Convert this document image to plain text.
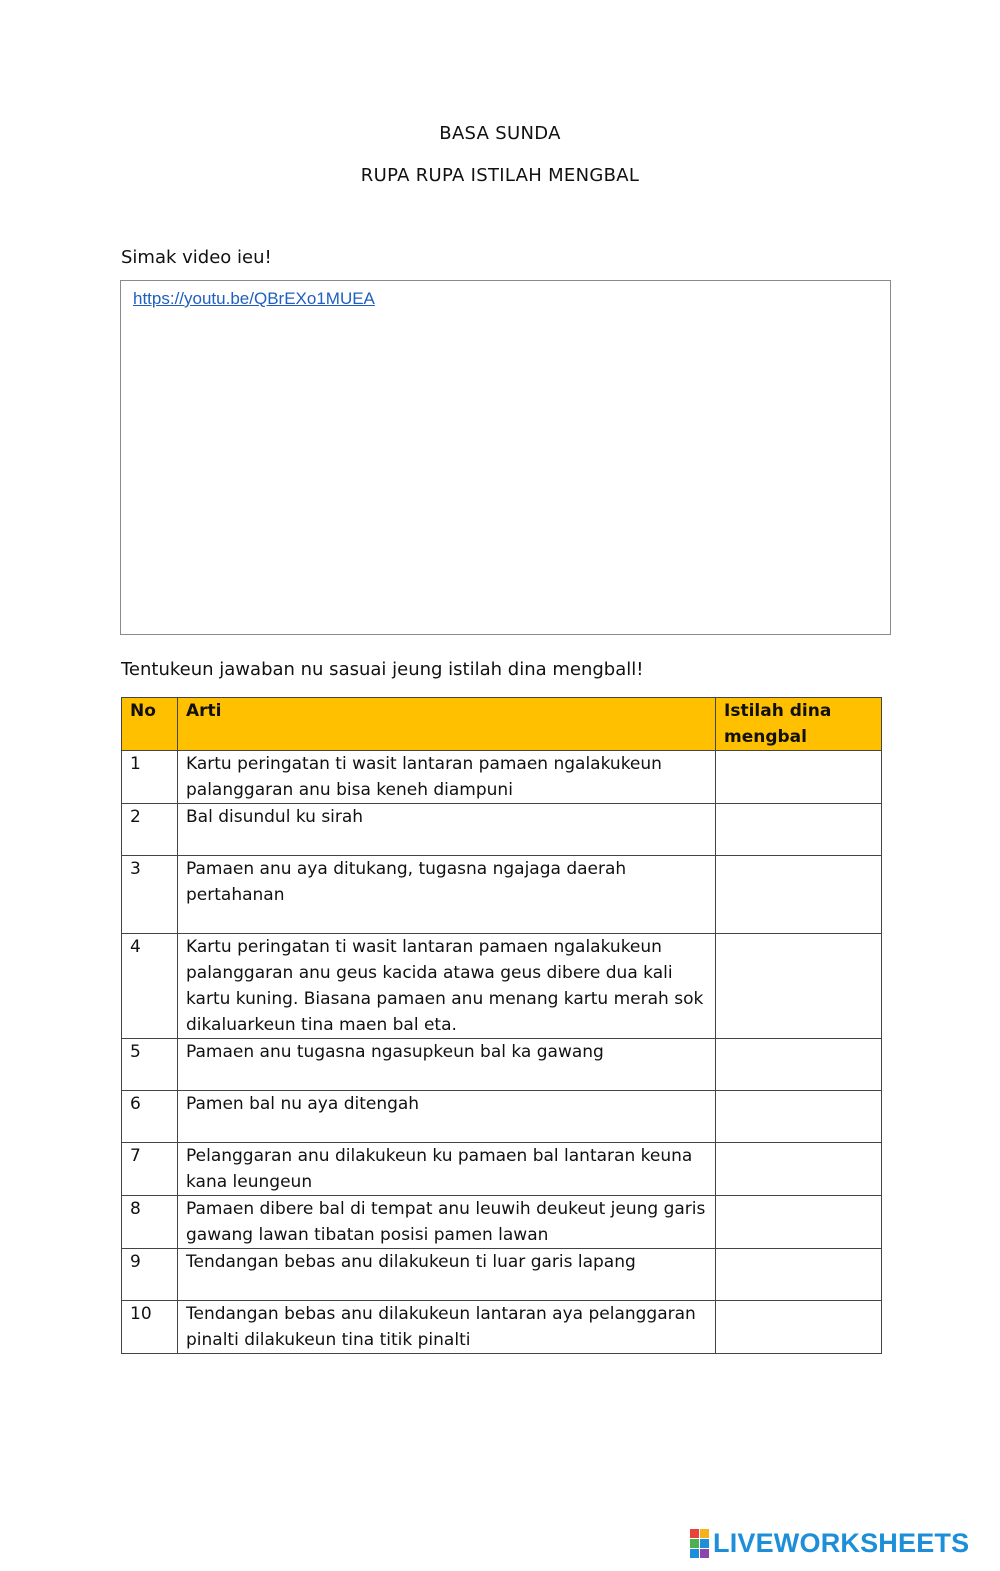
BASA SUNDA
RUPA RUPA ISTILAH MENGBAL
Simak video ieu!
https://youtu.be/QBrEXo1MUEA
Tentukeun jawaban nu sasuai jeung istilah dina mengball!
No	Arti	Istilah dina mengbal
1	Kartu peringatan ti wasit lantaran pamaen ngalakukeun palanggaran anu bisa keneh diampuni	
2	Bal disundul ku sirah	
3	Pamaen anu aya ditukang, tugasna ngajaga daerah pertahanan	
4	Kartu peringatan ti wasit lantaran pamaen ngalakukeun palanggaran anu geus kacida atawa geus dibere dua kali kartu kuning. Biasana pamaen anu menang kartu merah sok dikaluarkeun tina maen bal eta.	
5	Pamaen anu tugasna ngasupkeun bal ka gawang	
6	Pamen bal nu aya ditengah	
7	Pelanggaran anu dilakukeun ku pamaen bal lantaran keuna kana leungeun	
8	Pamaen dibere bal di tempat anu leuwih deukeut jeung garis gawang lawan tibatan posisi pamen lawan	
9	Tendangan bebas anu dilakukeun ti luar garis lapang	
10	Tendangan bebas anu dilakukeun lantaran aya pelanggaran pinalti dilakukeun tina titik pinalti	
LIVEWORKSHEETS
